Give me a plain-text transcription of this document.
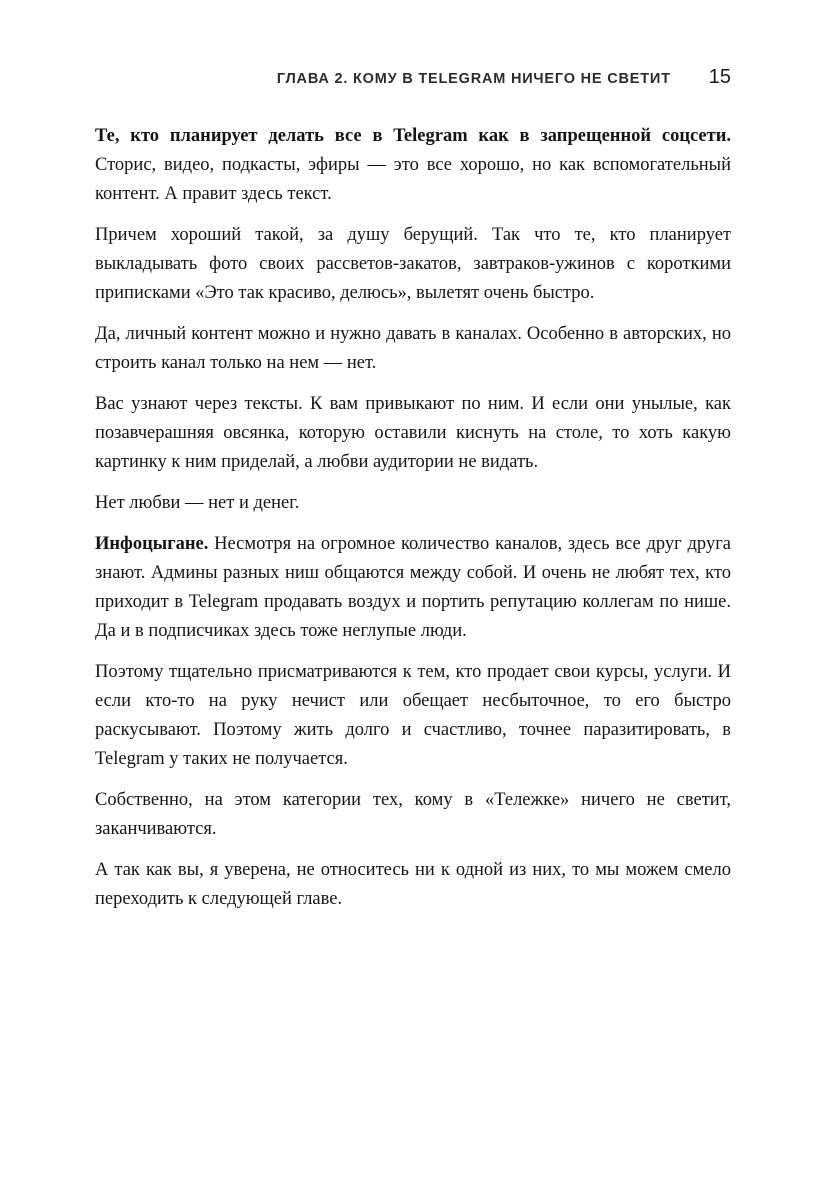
ГЛАВА 2. КОМУ В TELEGRAM НИЧЕГО НЕ СВЕТИТ 15

Те, кто планирует делать все в Telegram как в запрещенной соцсети. Сторис, видео, подкасты, эфиры — это все хорошо, но как вспомогательный контент. А правит здесь текст.

Причем хороший такой, за душу берущий. Так что те, кто планирует выкладывать фото своих рассветов-закатов, завтраков-ужинов с короткими приписками «Это так красиво, делюсь», вылетят очень быстро.

Да, личный контент можно и нужно давать в каналах. Особенно в авторских, но строить канал только на нем — нет.

Вас узнают через тексты. К вам привыкают по ним. И если они унылые, как позавчерашняя овсянка, которую оставили киснуть на столе, то хоть какую картинку к ним приделай, а любви аудитории не видать.

Нет любви — нет и денег.

Инфоцыгане. Несмотря на огромное количество каналов, здесь все друг друга знают. Админы разных ниш общаются между собой. И очень не любят тех, кто приходит в Telegram продавать воздух и портить репутацию коллегам по нише. Да и в подписчиках здесь тоже неглупые люди.

Поэтому тщательно присматриваются к тем, кто продает свои курсы, услуги. И если кто-то на руку нечист или обещает несбыточное, то его быстро раскусывают. Поэтому жить долго и счастливо, точнее паразитировать, в Telegram у таких не получается.

Собственно, на этом категории тех, кому в «Тележке» ничего не светит, заканчиваются.

А так как вы, я уверена, не относитесь ни к одной из них, то мы можем смело переходить к следующей главе.
